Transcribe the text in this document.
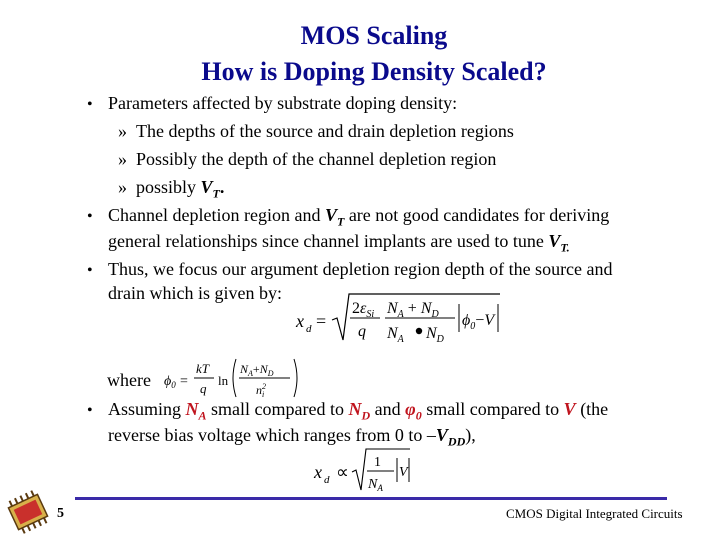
MOS Scaling
How is Doping Density Scaled?
• Parameters affected by substrate doping density:
»  The depths of the source and drain depletion regions
»  Possibly the depth of the channel depletion region
»  possibly $V_T$.
• Channel depletion region and $V_T$ are not good candidates for deriving
general relationships since channel implants are used to tune $V_{T.}$
• Thus, we focus our argument depletion region depth of the source and
drain which is given by:
x d =
$2\varepsilon_{Si}$
q
$N_A + N_D$
$N_A$ $N_D$
$\phi_0-V$
where $\phi_0$ =
kT
q
ln
$N_A+N_D$
$n^2$ i
• Assuming $N_A$ small compared to $N_D$ and $\varphi_0$ small compared to V (the
reverse bias voltage which ranges from 0 to $-V_{DD}$),
x d ∝ 1
$N_A$
V
5	CMOS Digital Integrated Circuits
